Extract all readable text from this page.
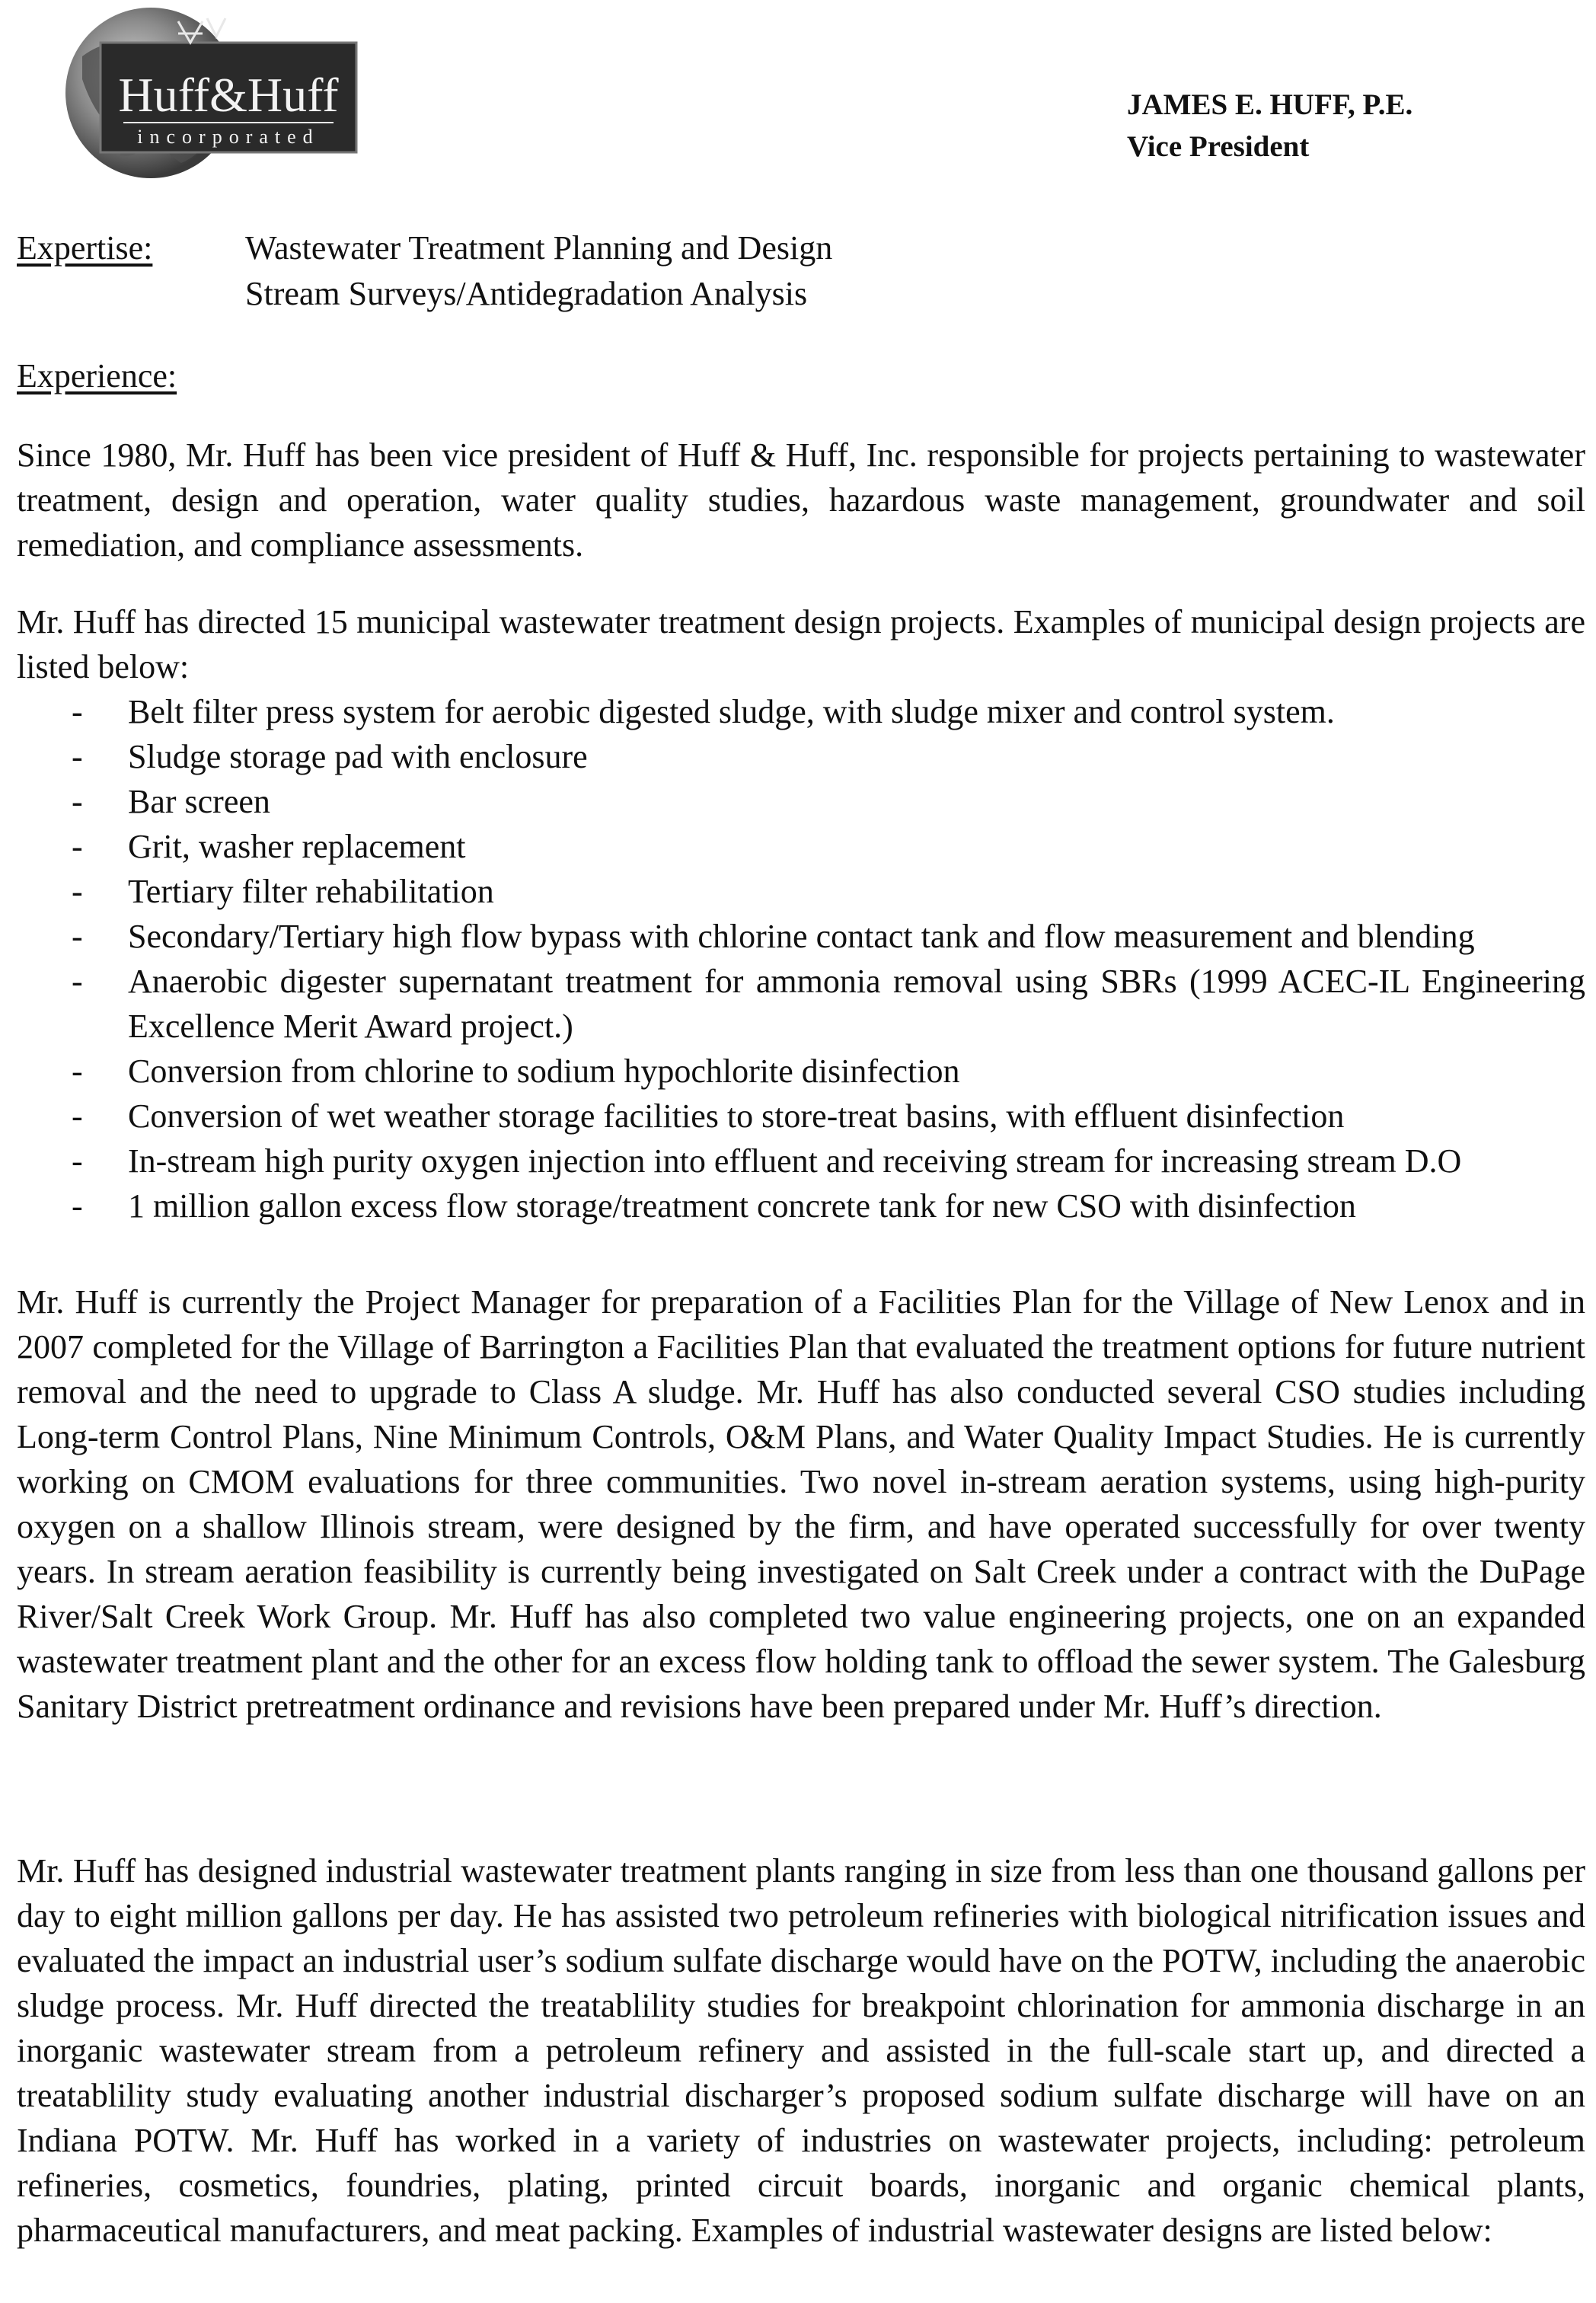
Huff&Huff
incorporated
JAMES E. HUFF, P.E.
Vice President
Expertise:	Wastewater Treatment Planning and Design
Stream Surveys/Antidegradation Analysis
Experience:
Since 1980, Mr. Huff has been vice president of Huff & Huff, Inc. responsible for projects pertaining to wastewater treatment, design and operation, water quality studies, hazardous waste management, groundwater and soil remediation, and compliance assessments.
Mr. Huff has directed 15 municipal wastewater treatment design projects. Examples of municipal design projects are listed below:
- Belt filter press system for aerobic digested sludge, with sludge mixer and control system.
- Sludge storage pad with enclosure
- Bar screen
- Grit, washer replacement
- Tertiary filter rehabilitation
- Secondary/Tertiary high flow bypass with chlorine contact tank and flow measurement and blending
- Anaerobic digester supernatant treatment for ammonia removal using SBRs (1999 ACEC-IL Engineering Excellence Merit Award project.)
- Conversion from chlorine to sodium hypochlorite disinfection
- Conversion of wet weather storage facilities to store-treat basins, with effluent disinfection
- In-stream high purity oxygen injection into effluent and receiving stream for increasing stream D.O
- 1 million gallon excess flow storage/treatment concrete tank for new CSO with disinfection
Mr. Huff is currently the Project Manager for preparation of a Facilities Plan for the Village of New Lenox and in 2007 completed for the Village of Barrington a Facilities Plan that evaluated the treatment options for future nutrient removal and the need to upgrade to Class A sludge. Mr. Huff has also conducted several CSO studies including Long-term Control Plans, Nine Minimum Controls, O&M Plans, and Water Quality Impact Studies. He is currently working on CMOM evaluations for three communities. Two novel in-stream aeration systems, using high-purity oxygen on a shallow Illinois stream, were designed by the firm, and have operated successfully for over twenty years. In stream aeration feasibility is currently being investigated on Salt Creek under a contract with the DuPage River/Salt Creek Work Group. Mr. Huff has also completed two value engineering projects, one on an expanded wastewater treatment plant and the other for an excess flow holding tank to offload the sewer system. The Galesburg Sanitary District pretreatment ordinance and revisions have been prepared under Mr. Huff’s direction.
Mr. Huff has designed industrial wastewater treatment plants ranging in size from less than one thousand gallons per day to eight million gallons per day. He has assisted two petroleum refineries with biological nitrification issues and evaluated the impact an industrial user’s sodium sulfate discharge would have on the POTW, including the anaerobic sludge process. Mr. Huff directed the treatablility studies for breakpoint chlorination for ammonia discharge in an inorganic wastewater stream from a petroleum refinery and assisted in the full-scale start up, and directed a treatablility study evaluating another industrial discharger’s proposed sodium sulfate discharge will have on an Indiana POTW. Mr. Huff has worked in a variety of industries on wastewater projects, including: petroleum refineries, cosmetics, foundries, plating, printed circuit boards, inorganic and organic chemical plants, pharmaceutical manufacturers, and meat packing. Examples of industrial wastewater designs are listed below:
